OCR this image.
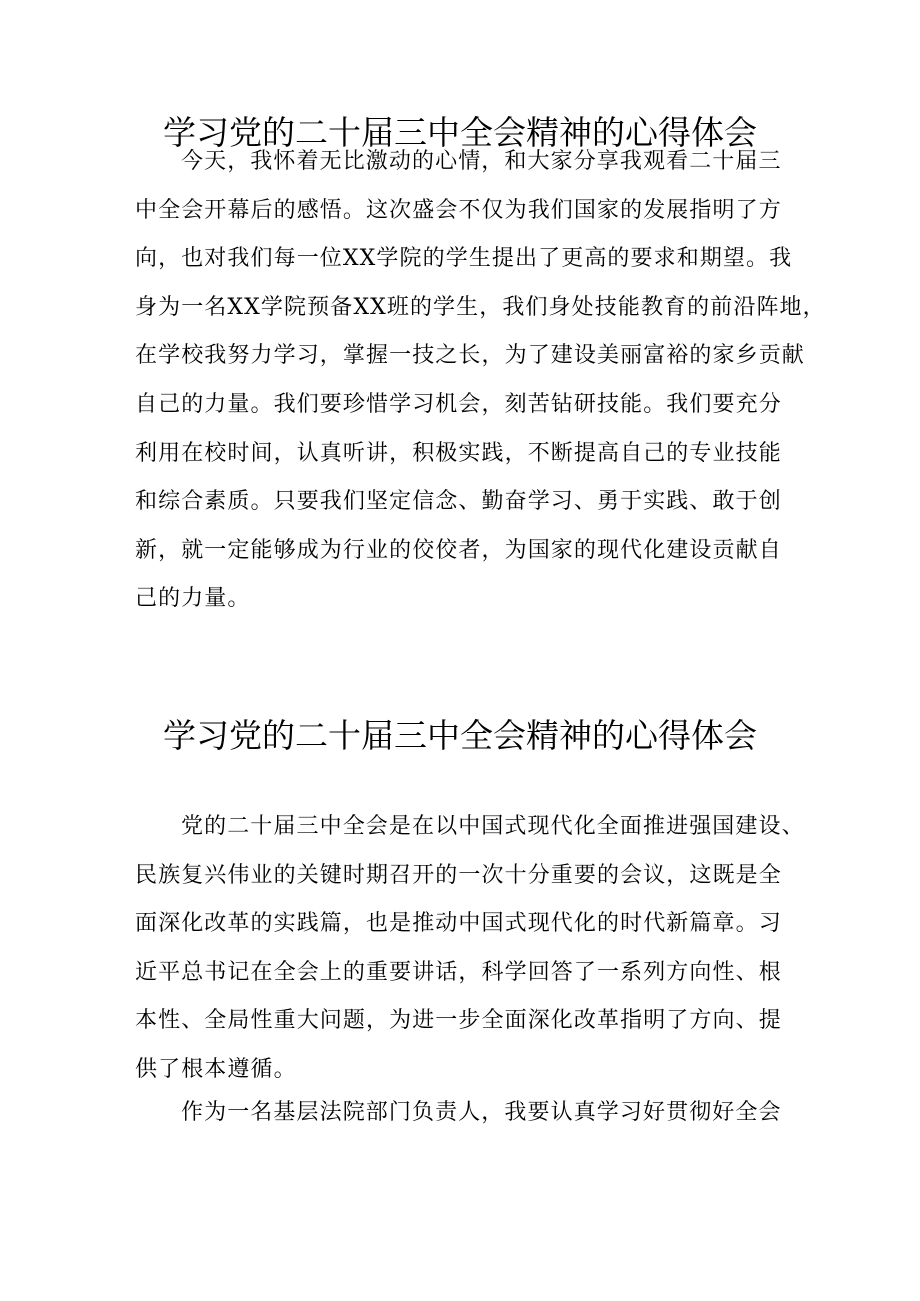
学习党的二十届三中全会精神的心得体会
今天，我怀着无比激动的心情，和大家分享我观看二十届三
中全会开幕后的感悟。这次盛会不仅为我们国家的发展指明了方
向，也对我们每一位XX学院的学生提出了更高的要求和期望。我
身为一名XX学院预备XX班的学生，我们身处技能教育的前沿阵地，
在学校我努力学习，掌握一技之长，为了建设美丽富裕的家乡贡献
自己的力量。我们要珍惜学习机会，刻苦钻研技能。我们要充分
利用在校时间，认真听讲，积极实践，不断提高自己的专业技能
和综合素质。只要我们坚定信念、勤奋学习、勇于实践、敢于创
新，就一定能够成为行业的佼佼者，为国家的现代化建设贡献自
己的力量。
学习党的二十届三中全会精神的心得体会
党的二十届三中全会是在以中国式现代化全面推进强国建设、
民族复兴伟业的关键时期召开的一次十分重要的会议，这既是全
面深化改革的实践篇，也是推动中国式现代化的时代新篇章。习
近平总书记在全会上的重要讲话，科学回答了一系列方向性、根
本性、全局性重大问题，为进一步全面深化改革指明了方向、提
供了根本遵循。
作为一名基层法院部门负责人，我要认真学习好贯彻好全会
